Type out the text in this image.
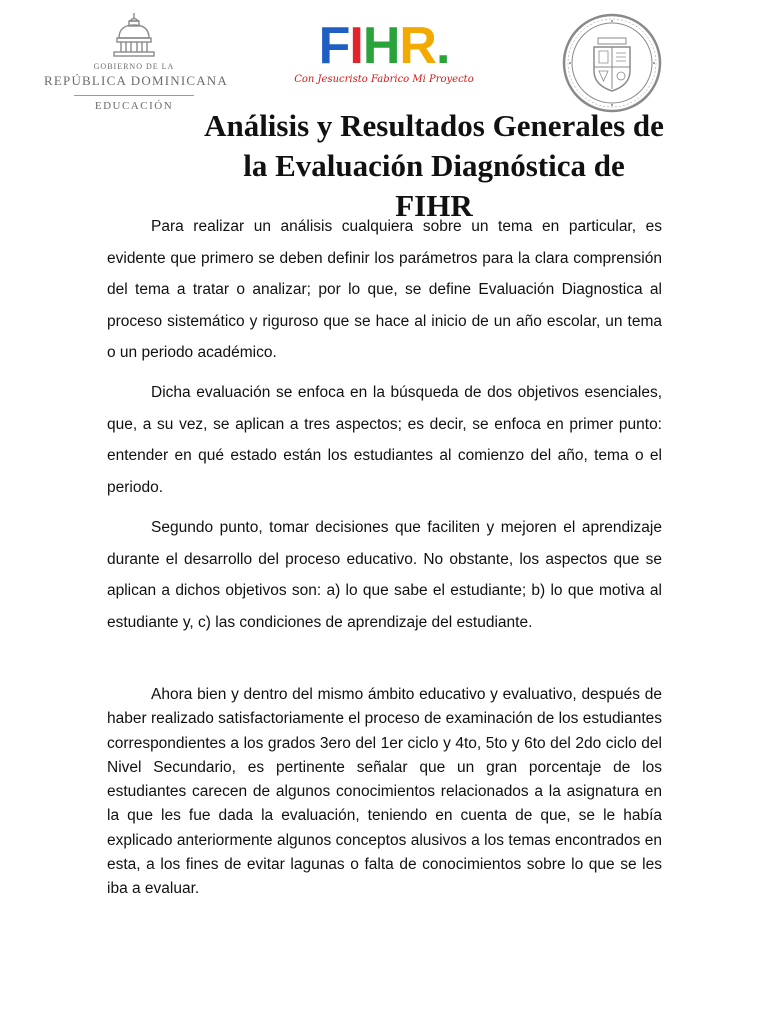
GOBIERNO DE LA
REPÚBLICA DOMINICANA
EDUCACIÓN
FIHR.
Con Jesucristo Fabrico Mi Proyecto
Análisis y Resultados Generales de la Evaluación Diagnóstica de FIHR

Para realizar un análisis cualquiera sobre un tema en particular, es evidente que primero se deben definir los parámetros para la clara comprensión del tema a tratar o analizar; por lo que, se define Evaluación Diagnostica al proceso sistemático y riguroso que se hace al inicio de un año escolar, un tema o un periodo académico.

Dicha evaluación se enfoca en la búsqueda de dos objetivos esenciales, que, a su vez, se aplican a tres aspectos; es decir, se enfoca en primer punto: entender en qué estado están los estudiantes al comienzo del año, tema o el periodo.

Segundo punto, tomar decisiones que faciliten y mejoren el aprendizaje durante el desarrollo del proceso educativo. No obstante, los aspectos que se aplican a dichos objetivos son: a) lo que sabe el estudiante; b) lo que motiva al estudiante y, c) las condiciones de aprendizaje del estudiante.

Ahora bien y dentro del mismo ámbito educativo y evaluativo, después de haber realizado satisfactoriamente el proceso de examinación de los estudiantes correspondientes a los grados 3ero del 1er ciclo y 4to, 5to y 6to del 2do ciclo del Nivel Secundario, es pertinente señalar que un gran porcentaje de los estudiantes carecen de algunos conocimientos relacionados a la asignatura en la que les fue dada la evaluación, teniendo en cuenta de que, se le había explicado anteriormente algunos conceptos alusivos a los temas encontrados en esta, a los fines de evitar lagunas o falta de conocimientos sobre lo que se les iba a evaluar.
